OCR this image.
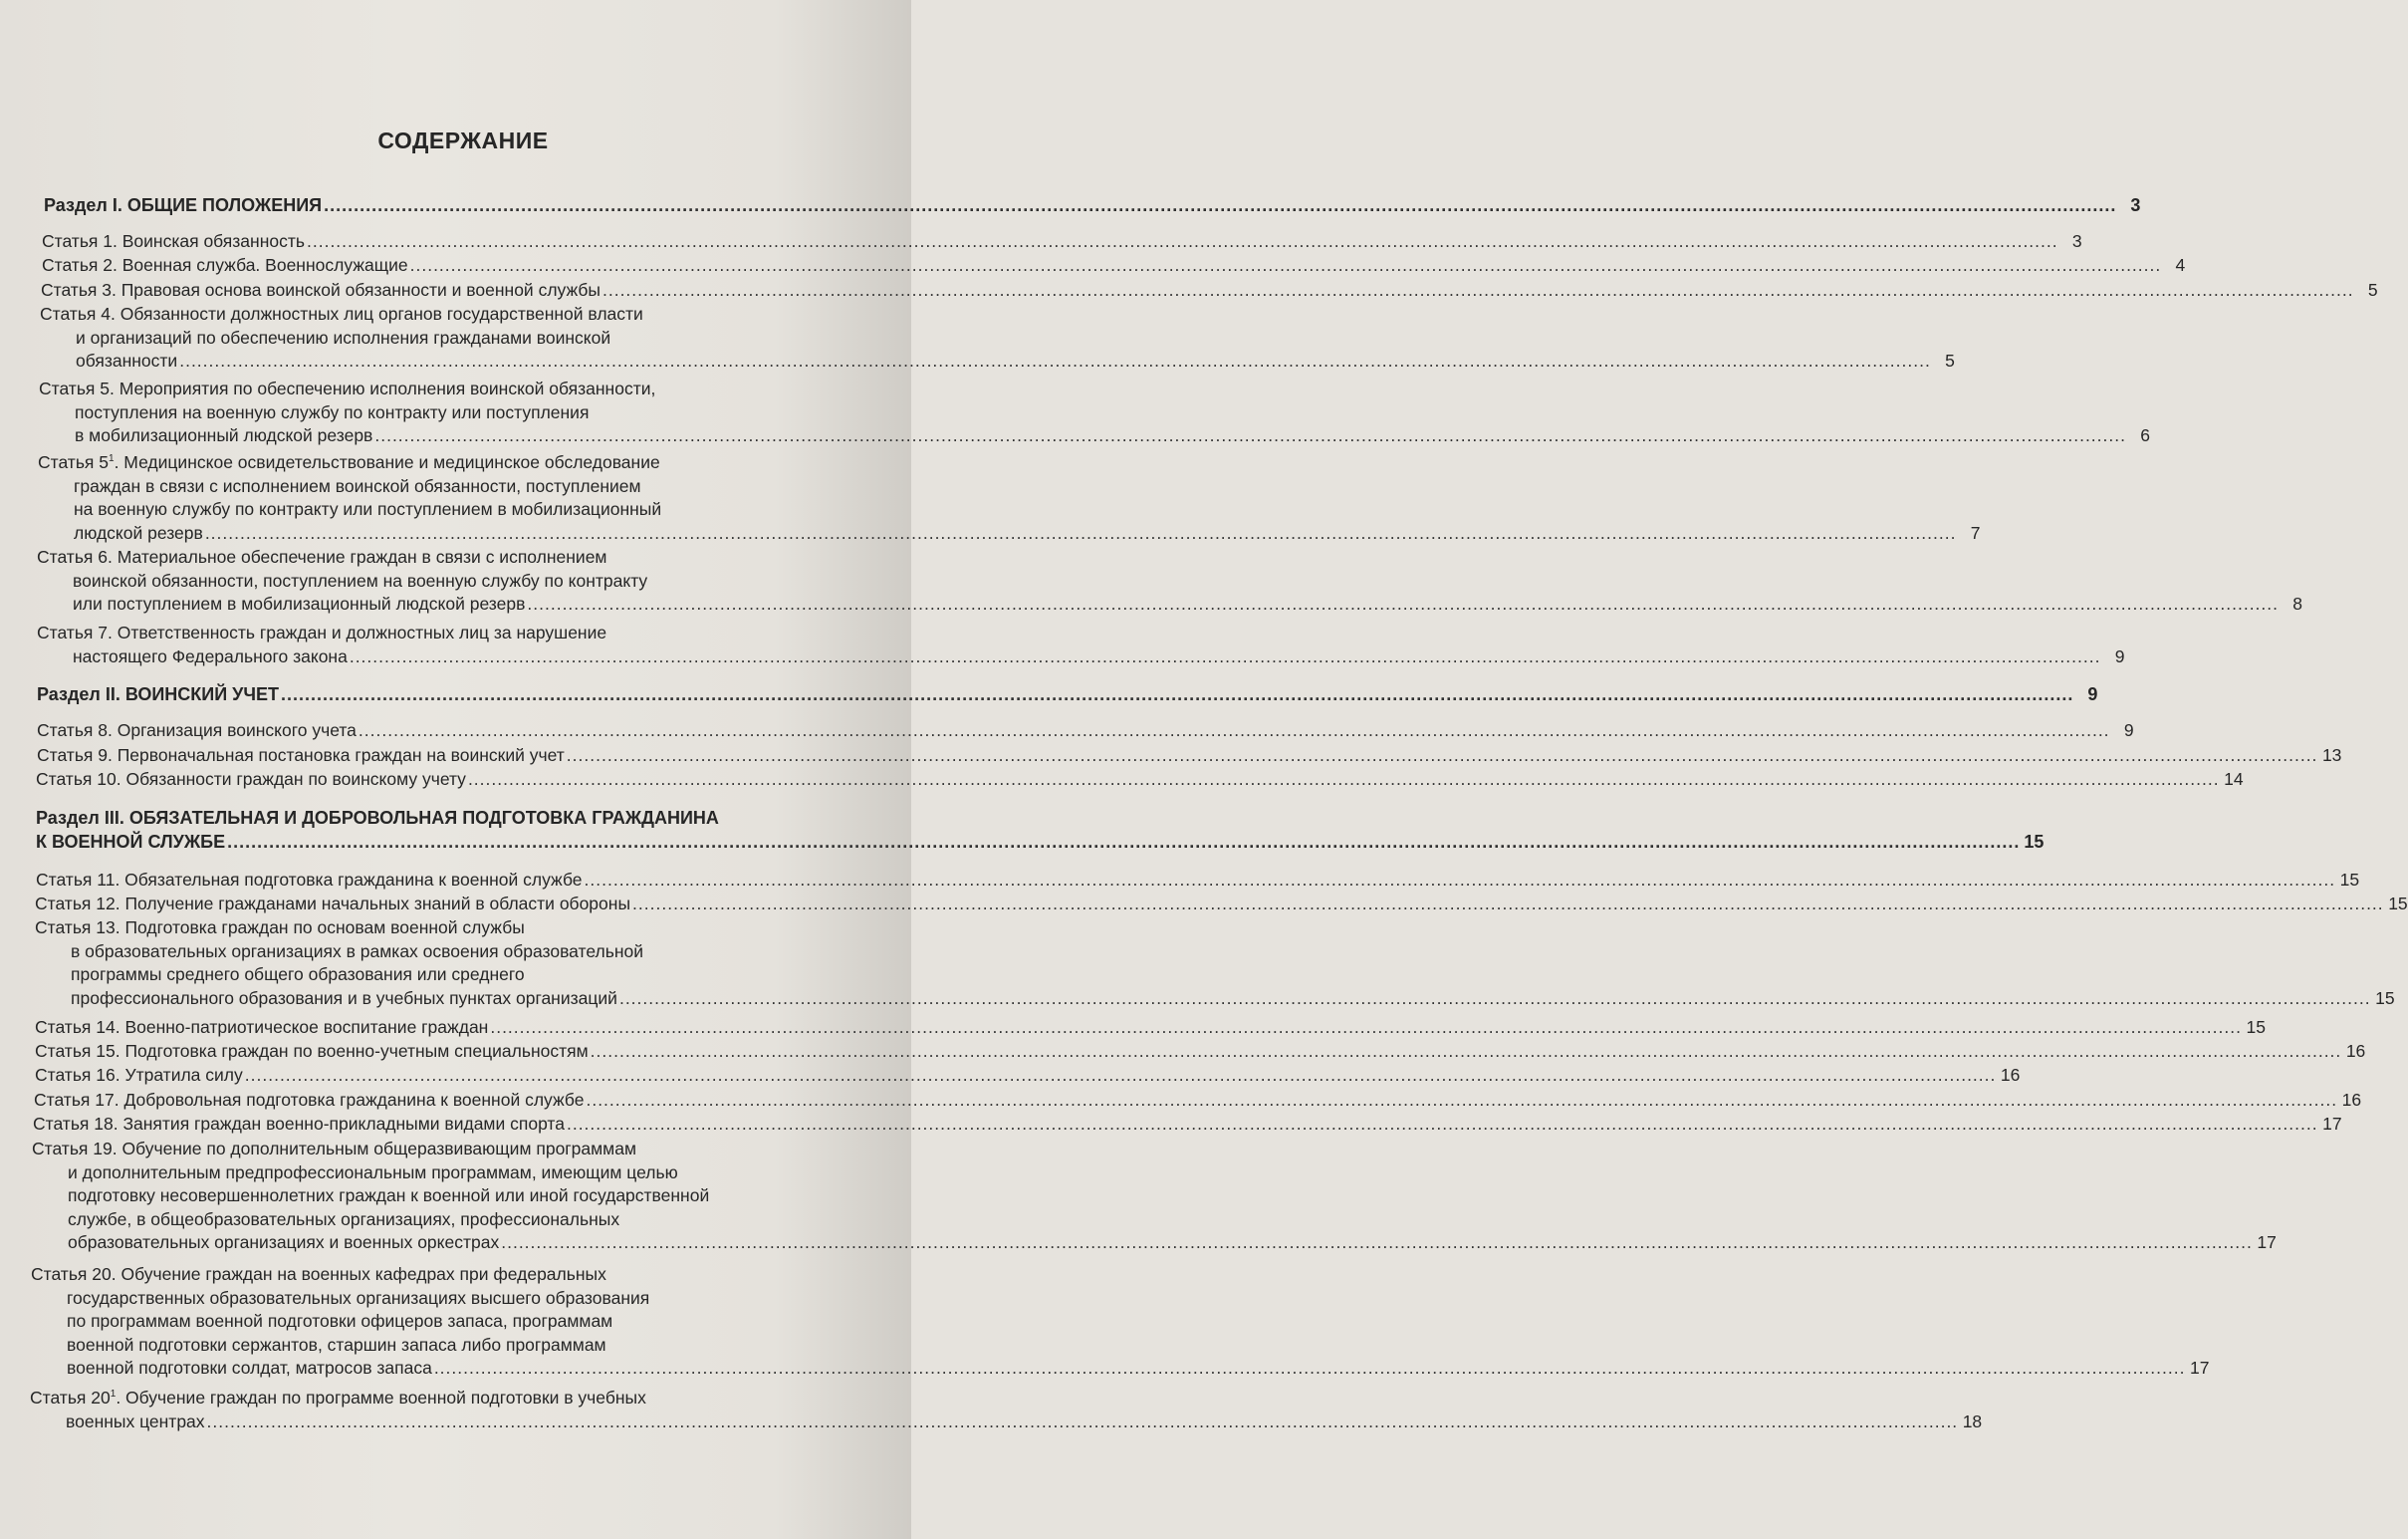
СОДЕРЖАНИЕ
Раздел I. ОБЩИЕ ПОЛОЖЕНИЯ ............................................................................................................................................................................................................................................................................................................ 3
Статья 1. Воинская обязанность ............................................................................................................................................................................................................................................................................................................ 3
Статья 2. Военная служба. Военнослужащие ............................................................................................................................................................................................................................................................................................................ 4
Статья 3. Правовая основа воинской обязанности и военной службы ............................................................................................................................................................................................................................................................................................................ 5
Статья 4. Обязанности должностных лиц органов государственной власти
и организаций по обеспечению исполнения гражданами воинской
обязанности ............................................................................................................................................................................................................................................................................................................ 5
Статья 5. Мероприятия по обеспечению исполнения воинской обязанности,
поступления на военную службу по контракту или поступления
в мобилизационный людской резерв ............................................................................................................................................................................................................................................................................................................ 6
Статья $5^1$. Медицинское освидетельствование и медицинское обследование
граждан в связи с исполнением воинской обязанности, поступлением
на военную службу по контракту или поступлением в мобилизационный
людской резерв ............................................................................................................................................................................................................................................................................................................ 7
Статья 6. Материальное обеспечение граждан в связи с исполнением
воинской обязанности, поступлением на военную службу по контракту
или поступлением в мобилизационный людской резерв ............................................................................................................................................................................................................................................................................................................ 8
Статья 7. Ответственность граждан и должностных лиц за нарушение
настоящего Федерального закона ............................................................................................................................................................................................................................................................................................................ 9
Раздел II. ВОИНСКИЙ УЧЕТ ............................................................................................................................................................................................................................................................................................................ 9
Статья 8. Организация воинского учета ............................................................................................................................................................................................................................................................................................................ 9
Статья 9. Первоначальная постановка граждан на воинский учет ............................................................................................................................................................................................................................................................................................................ 13
Статья 10. Обязанности граждан по воинскому учету ............................................................................................................................................................................................................................................................................................................ 14
Раздел III. ОБЯЗАТЕЛЬНАЯ И ДОБРОВОЛЬНАЯ ПОДГОТОВКА ГРАЖДАНИНА
К ВОЕННОЙ СЛУЖБЕ ............................................................................................................................................................................................................................................................................................................ 15
Статья 11. Обязательная подготовка гражданина к военной службе ............................................................................................................................................................................................................................................................................................................ 15
Статья 12. Получение гражданами начальных знаний в области обороны ............................................................................................................................................................................................................................................................................................................ 15
Статья 13. Подготовка граждан по основам военной службы
в образовательных организациях в рамках освоения образовательной
программы среднего общего образования или среднего
профессионального образования и в учебных пунктах организаций ............................................................................................................................................................................................................................................................................................................ 15
Статья 14. Военно-патриотическое воспитание граждан ............................................................................................................................................................................................................................................................................................................ 15
Статья 15. Подготовка граждан по военно-учетным специальностям ............................................................................................................................................................................................................................................................................................................ 16
Статья 16. Утратила силу ............................................................................................................................................................................................................................................................................................................ 16
Статья 17. Добровольная подготовка гражданина к военной службе ............................................................................................................................................................................................................................................................................................................ 16
Статья 18. Занятия граждан военно-прикладными видами спорта ............................................................................................................................................................................................................................................................................................................ 17
Статья 19. Обучение по дополнительным общеразвивающим программам
и дополнительным предпрофессиональным программам, имеющим целью
подготовку несовершеннолетних граждан к военной или иной государственной
службе, в общеобразовательных организациях, профессиональных
образовательных организациях и военных оркестрах ............................................................................................................................................................................................................................................................................................................ 17
Статья 20. Обучение граждан на военных кафедрах при федеральных
государственных образовательных организациях высшего образования
по программам военной подготовки офицеров запаса, программам
военной подготовки сержантов, старшин запаса либо программам
военной подготовки солдат, матросов запаса ............................................................................................................................................................................................................................................................................................................ 17
Статья $20^1$. Обучение граждан по программе военной подготовки в учебных
военных центрах ............................................................................................................................................................................................................................................................................................................ 18
